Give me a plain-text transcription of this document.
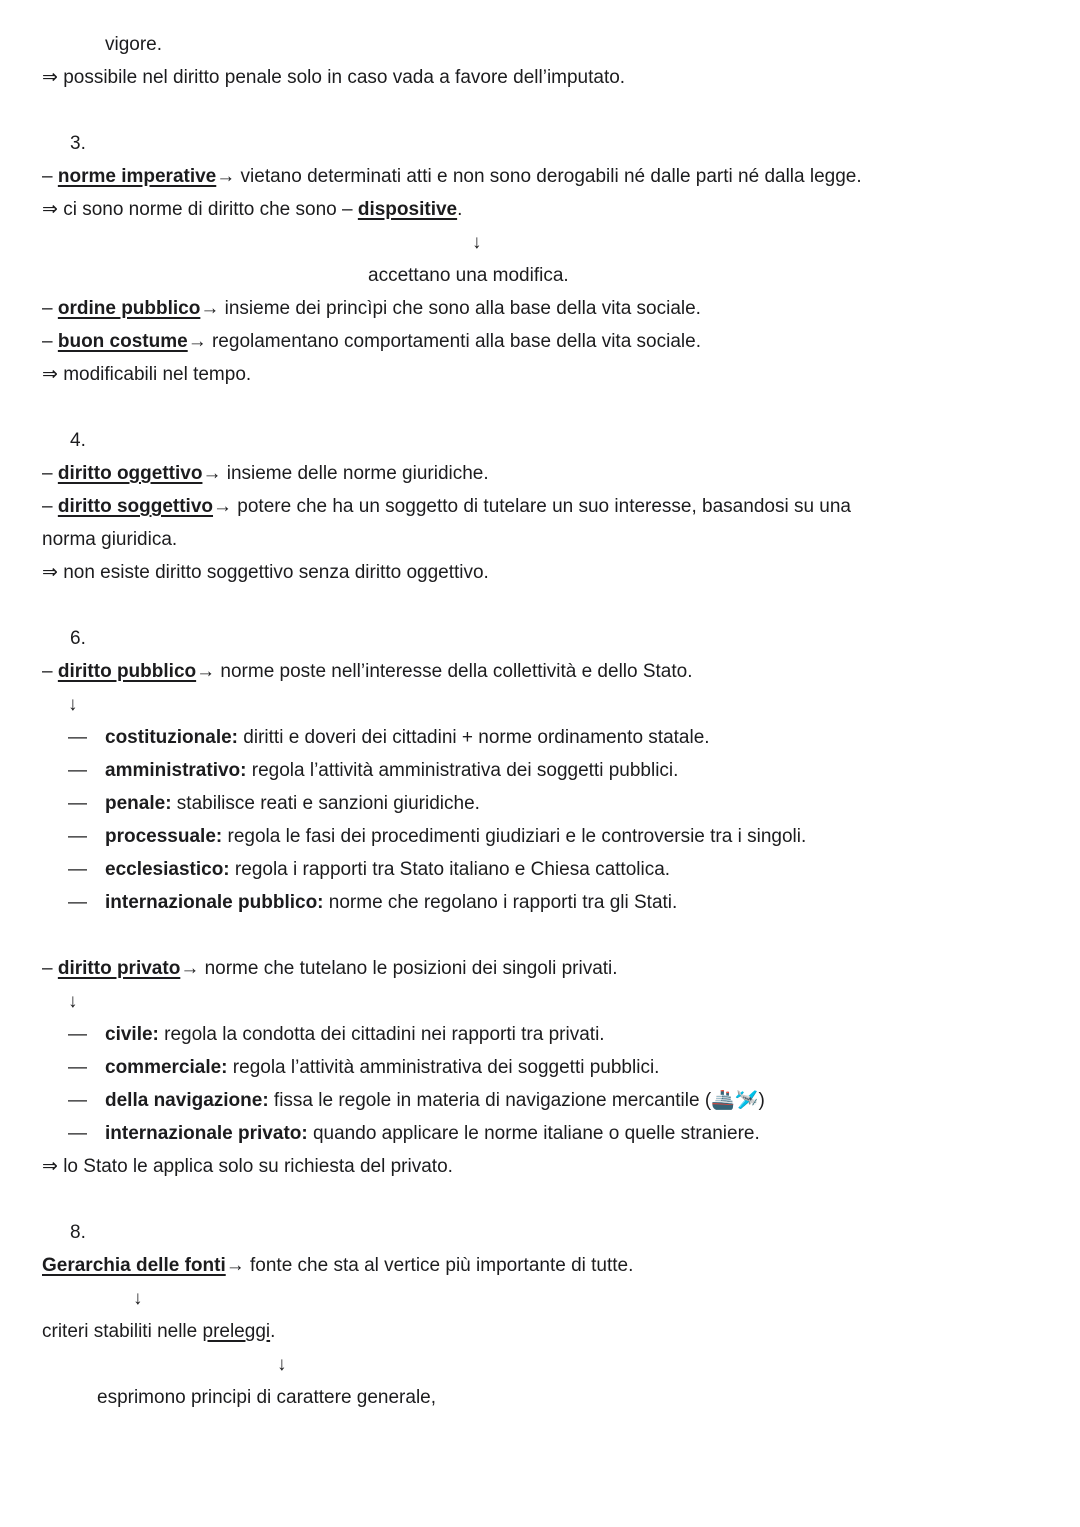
vigore.
⇒ possibile nel diritto penale solo in caso vada a favore dell’imputato.
3.
– norme imperative→ vietano determinati atti e non sono derogabili né dalle parti né dalla legge.
⇒ ci sono norme di diritto che sono – dispositive.
↓
accettano una modifica.
– ordine pubblico→ insieme dei princìpi che sono alla base della vita sociale.
– buon costume→ regolamentano comportamenti alla base della vita sociale.
⇒ modificabili nel tempo.
4.
– diritto oggettivo→ insieme delle norme giuridiche.
– diritto soggettivo→ potere che ha un soggetto di tutelare un suo interesse, basandosi su una
norma giuridica.
⇒ non esiste diritto soggettivo senza diritto oggettivo.
6.
– diritto pubblico→ norme poste nell’interesse della collettività e dello Stato.
↓
— costituzionale: diritti e doveri dei cittadini + norme ordinamento statale.
— amministrativo: regola l’attività amministrativa dei soggetti pubblici.
— penale: stabilisce reati e sanzioni giuridiche.
— processuale: regola le fasi dei procedimenti giudiziari e le controversie tra i singoli.
— ecclesiastico: regola i rapporti tra Stato italiano e Chiesa cattolica.
— internazionale pubblico: norme che regolano i rapporti tra gli Stati.
– diritto privato→ norme che tutelano le posizioni dei singoli privati.
↓
— civile: regola la condotta dei cittadini nei rapporti tra privati.
— commerciale: regola l’attività amministrativa dei soggetti pubblici.
— della navigazione: fissa le regole in materia di navigazione mercantile (🚢🛩️)
— internazionale privato: quando applicare le norme italiane o quelle straniere.
⇒ lo Stato le applica solo su richiesta del privato.
8.
Gerarchia delle fonti→ fonte che sta al vertice più importante di tutte.
↓
criteri stabiliti nelle preleggi.
↓
esprimono principi di carattere generale,
